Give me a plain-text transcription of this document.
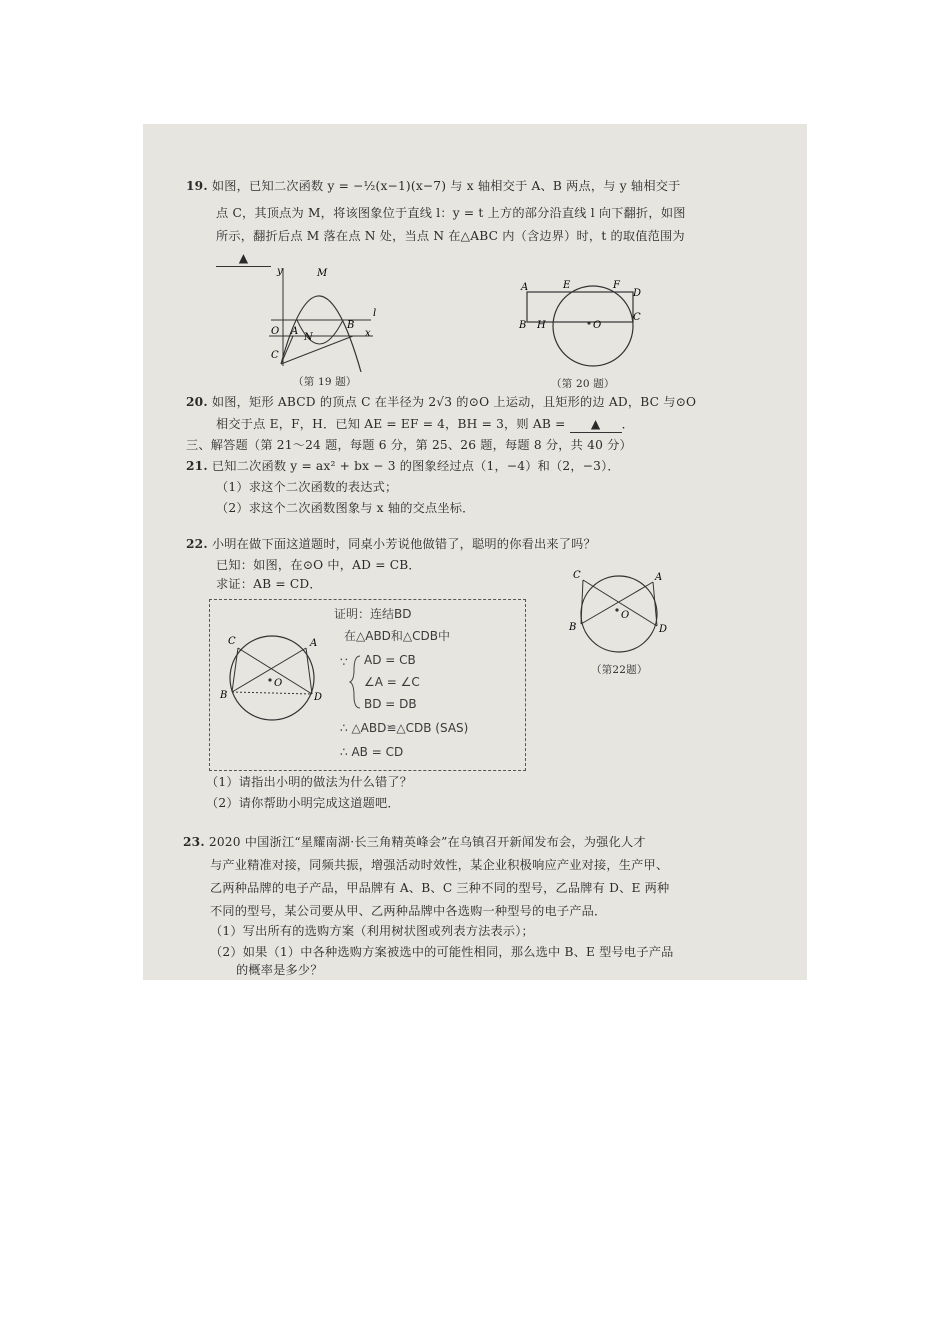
19. 如图，已知二次函数 y = −½(x−1)(x−7) 与 x 轴相交于 A、B 两点，与 y 轴相交于
点 C，其顶点为 M，将该图象位于直线 l：y = t 上方的部分沿直线 l 向下翻折，如图
所示，翻折后点 M 落在点 N 处，当点 N 在△ABC 内（含边界）时，t 的取值范围为
▲
y	M
l
O A
B
N	x
C
（第 19 题）
A	E	F
D
B H	O
C
（第 20 题）
20. 如图，矩形 ABCD 的顶点 C 在半径为 2√3 的⊙O 上运动，且矩形的边 AD，BC 与⊙O
相交于点 E，F，H．已知 AE = EF = 4，BH = 3，则 AB = ▲ ．
三、解答题（第 21～24 题，每题 6 分，第 25、26 题，每题 8 分，共 40 分）
21. 已知二次函数 y = ax² + bx − 3 的图象经过点（1，−4）和（2，−3）．
（1）求这个二次函数的表达式；
（2）求这个二次函数图象与 x 轴的交点坐标．
22. 小明在做下面这道题时，同桌小芳说他做错了，聪明的你看出来了吗？
已知：如图，在⊙O 中，AD = CB．
求证：AB = CD．
C	A
B	D
O
（第22题）
C	A
B	D
O
证明：连结BD
在△ABD和△CDB中
∵ AD = CB
∠A = ∠C
BD = DB
∴ △ABD≌△CDB (SAS)
∴ AB = CD
（1）请指出小明的做法为什么错了？
（2）请你帮助小明完成这道题吧．
23. 2020 中国浙江“星耀南湖·长三角精英峰会”在乌镇召开新闻发布会，为强化人才
与产业精准对接，同频共振，增强活动时效性，某企业积极响应产业对接，生产甲、
乙两种品牌的电子产品，甲品牌有 A、B、C 三种不同的型号，乙品牌有 D、E 两种
不同的型号，某公司要从甲、乙两种品牌中各选购一种型号的电子产品．
（1）写出所有的选购方案（利用树状图或列表方法表示）；
（2）如果（1）中各种选购方案被选中的可能性相同，那么选中 B、E 型号电子产品
的概率是多少？
